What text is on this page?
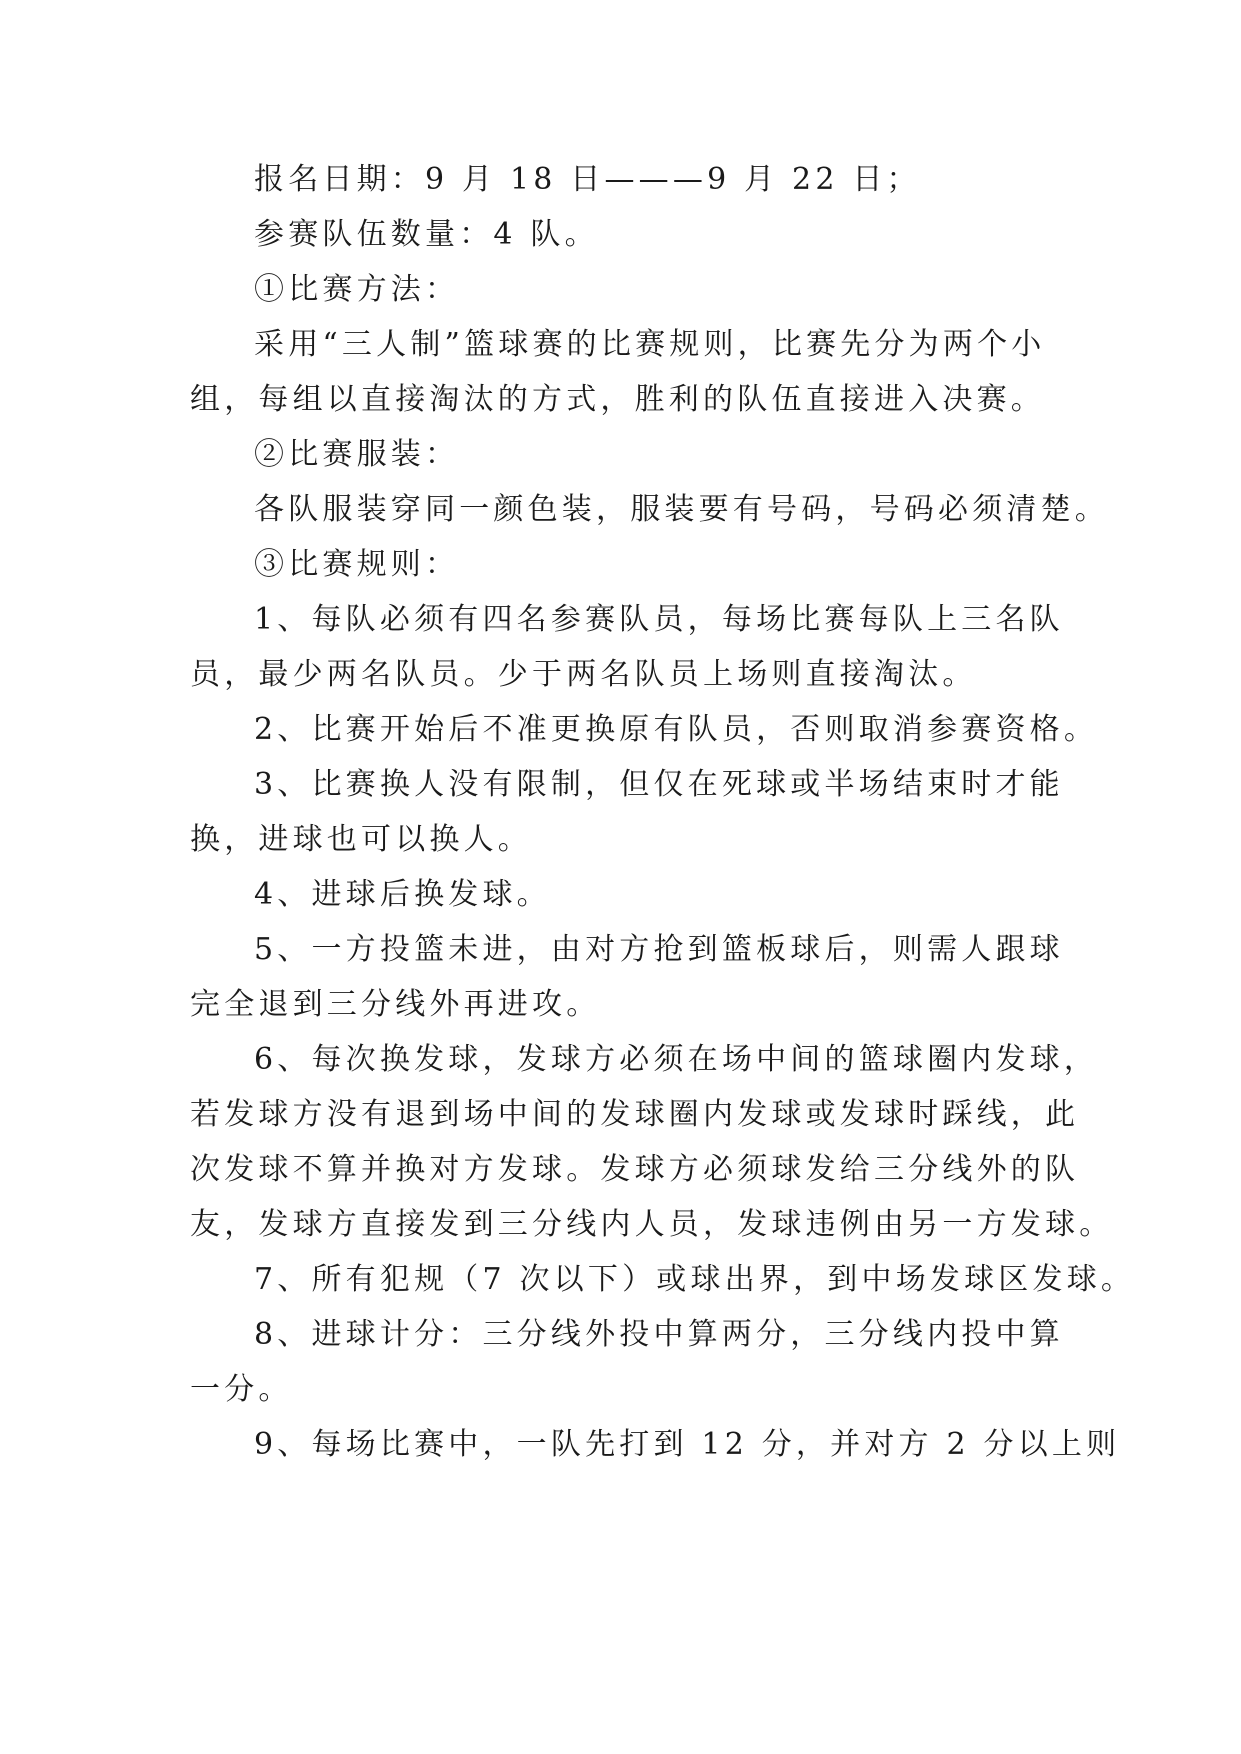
报名日期：9 月 18 日———9 月 22 日；
参赛队伍数量：4 队。
①比赛方法：
采用“三人制”篮球赛的比赛规则，比赛先分为两个小
组，每组以直接淘汰的方式，胜利的队伍直接进入决赛。
②比赛服装：
各队服装穿同一颜色装，服装要有号码，号码必须清楚。
③比赛规则：
1、每队必须有四名参赛队员，每场比赛每队上三名队
员，最少两名队员。少于两名队员上场则直接淘汰。
2、比赛开始后不准更换原有队员，否则取消参赛资格。
3、比赛换人没有限制，但仅在死球或半场结束时才能
换，进球也可以换人。
4、进球后换发球。
5、一方投篮未进，由对方抢到篮板球后，则需人跟球
完全退到三分线外再进攻。
6、每次换发球，发球方必须在场中间的篮球圈内发球，
若发球方没有退到场中间的发球圈内发球或发球时踩线，此
次发球不算并换对方发球。发球方必须球发给三分线外的队
友，发球方直接发到三分线内人员，发球违例由另一方发球。
7、所有犯规（7 次以下）或球出界，到中场发球区发球。
8、进球计分：三分线外投中算两分，三分线内投中算
一分。
9、每场比赛中，一队先打到 12 分，并对方 2 分以上则
